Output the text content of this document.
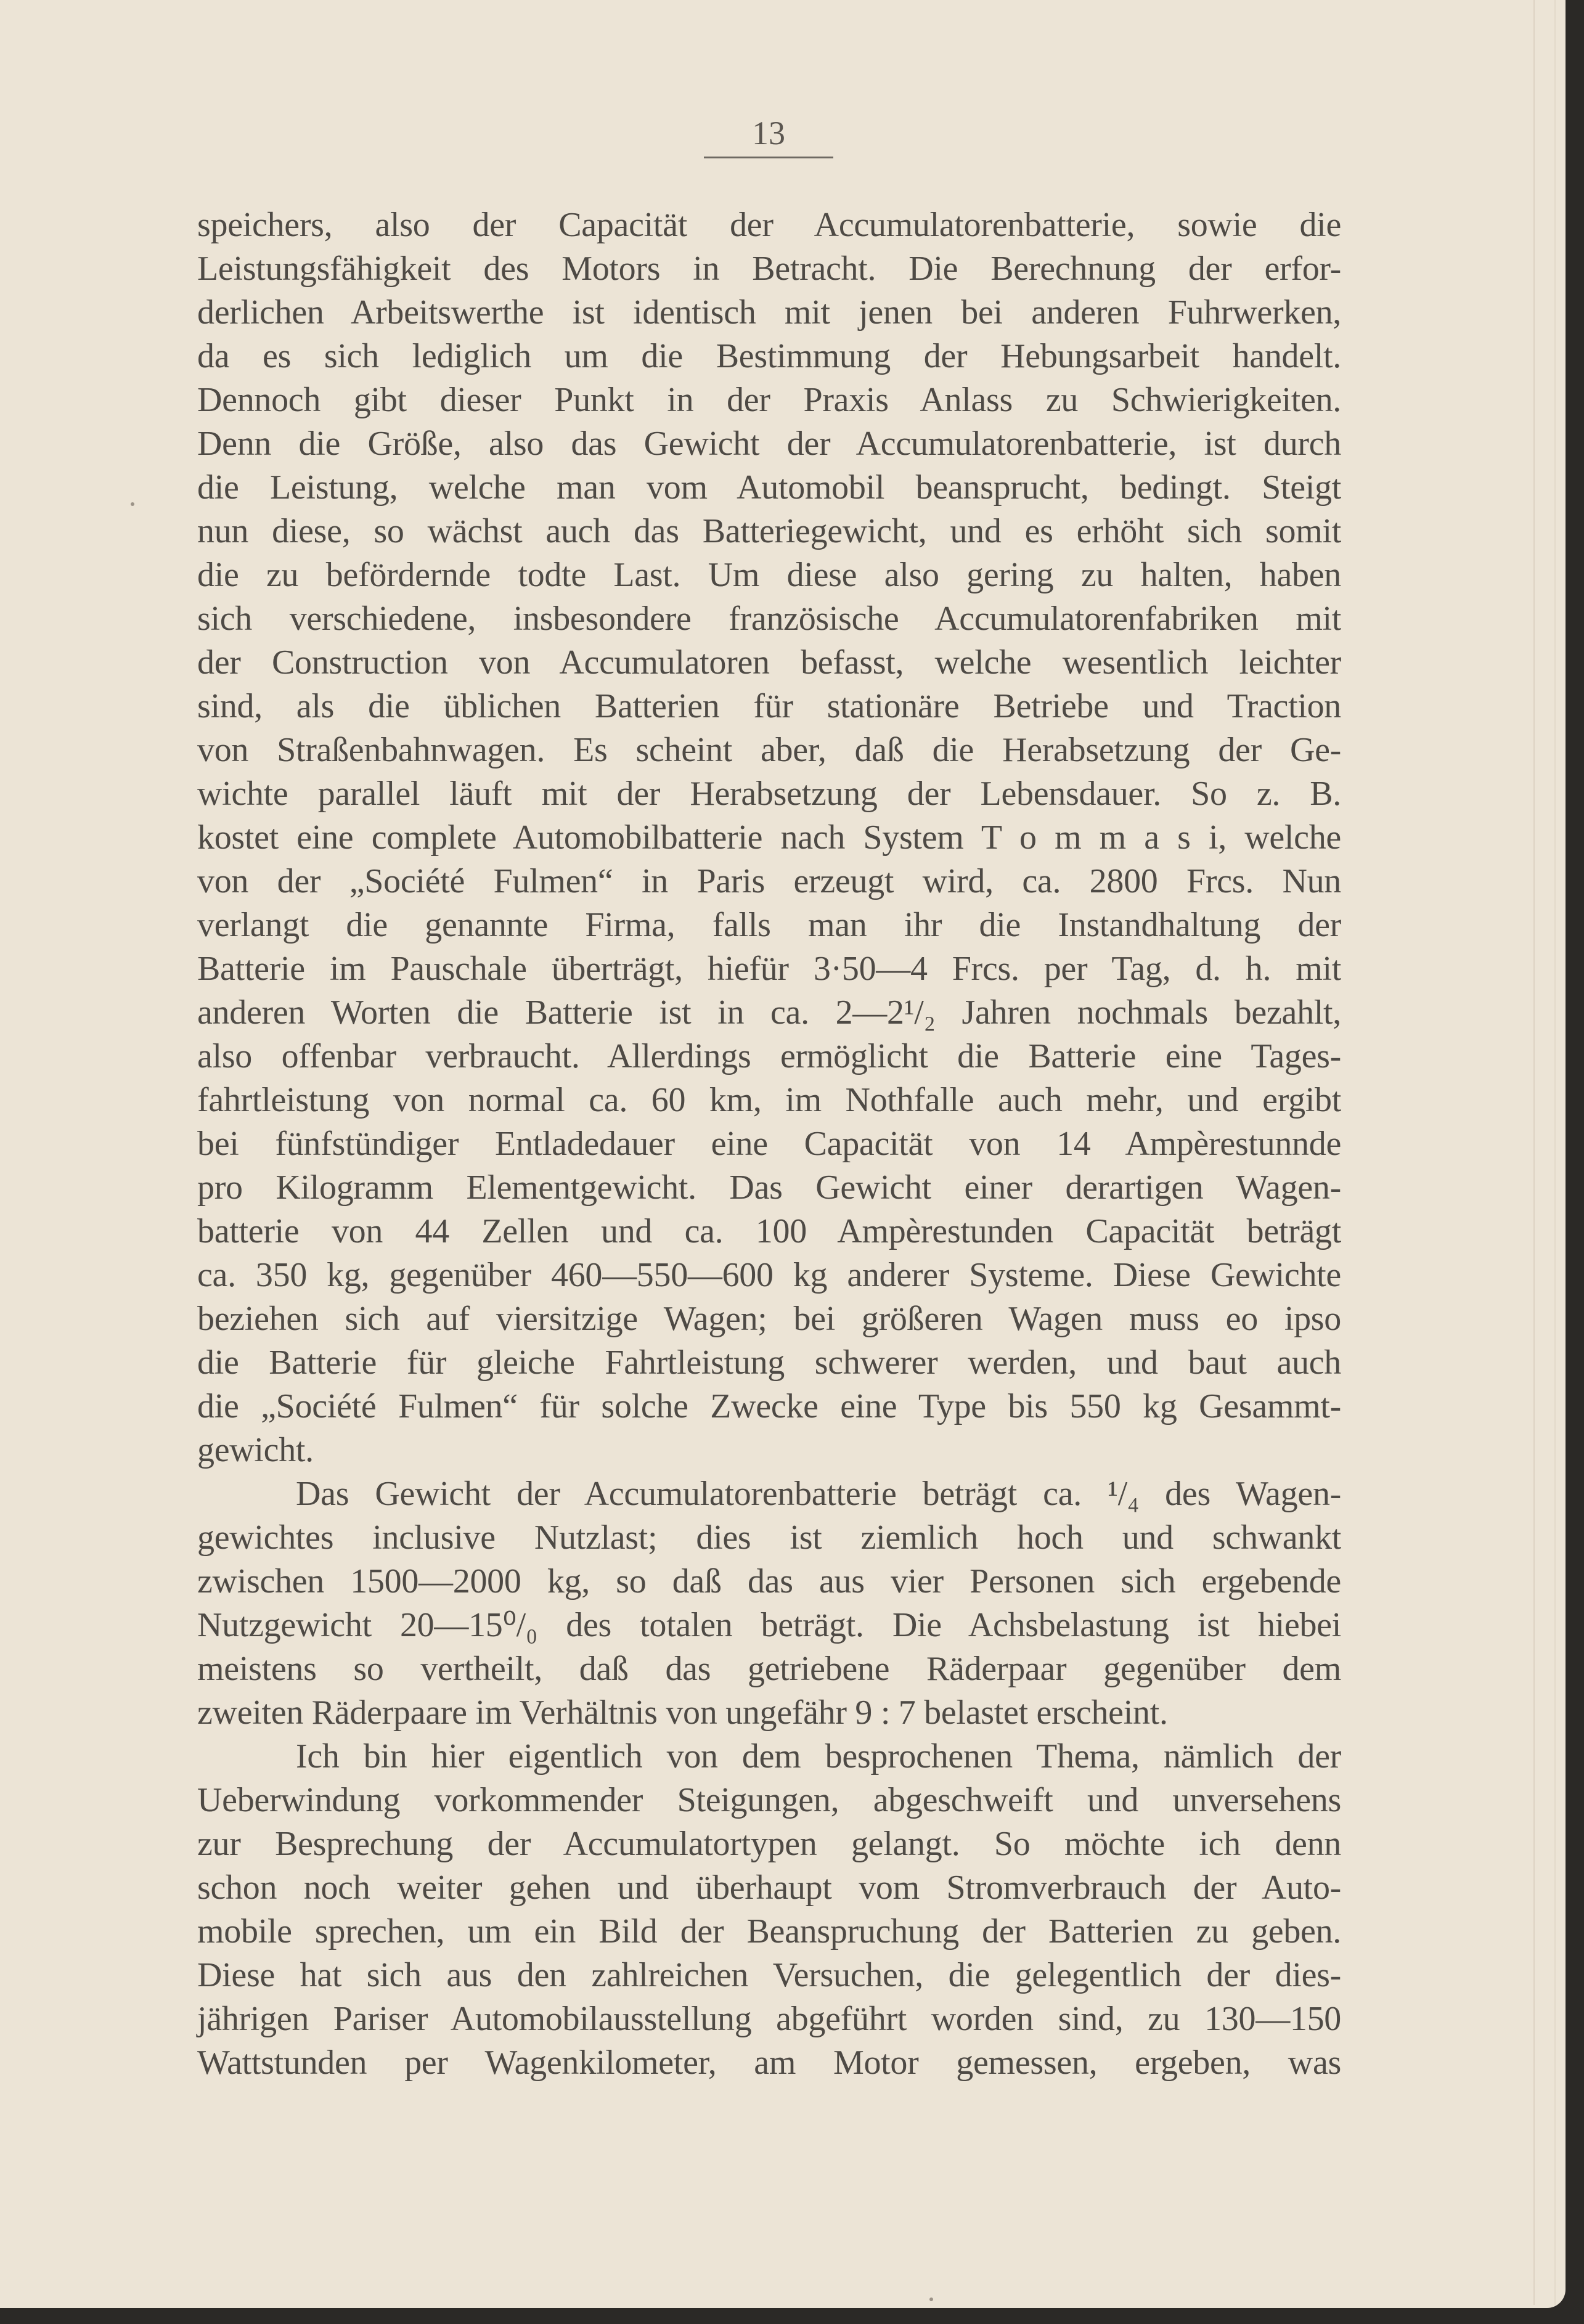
13
speichers, also der Capacität der Accumulatorenbatterie, sowie die
Leistungsfähigkeit des Motors in Betracht. Die Berechnung der erfor-
derlichen Arbeitswerthe ist identisch mit jenen bei anderen Fuhrwerken,
da es sich lediglich um die Bestimmung der Hebungsarbeit handelt.
Dennoch gibt dieser Punkt in der Praxis Anlass zu Schwierigkeiten.
Denn die Größe, also das Gewicht der Accumulatorenbatterie, ist durch
die Leistung, welche man vom Automobil beansprucht, bedingt. Steigt
nun diese, so wächst auch das Batteriegewicht, und es erhöht sich somit
die zu befördernde todte Last. Um diese also gering zu halten, haben
sich verschiedene, insbesondere französische Accumulatorenfabriken mit
der Construction von Accumulatoren befasst, welche wesentlich leichter
sind, als die üblichen Batterien für stationäre Betriebe und Traction
von Straßenbahnwagen. Es scheint aber, daß die Herabsetzung der Ge-
wichte parallel läuft mit der Herabsetzung der Lebensdauer. So z. B.
kostet eine complete Automobilbatterie nach System T o m m a s i, welche
von der „Société Fulmen“ in Paris erzeugt wird, ca. 2800 Frcs. Nun
verlangt die genannte Firma, falls man ihr die Instandhaltung der
Batterie im Pauschale überträgt, hiefür 3·50—4 Frcs. per Tag, d. h. mit
anderen Worten die Batterie ist in ca. 2—2¹/₂ Jahren nochmals bezahlt,
also offenbar verbraucht. Allerdings ermöglicht die Batterie eine Tages-
fahrtleistung von normal ca. 60 km, im Nothfalle auch mehr, und ergibt
bei fünfstündiger Entladedauer eine Capacität von 14 Ampèrestunnde
pro Kilogramm Elementgewicht. Das Gewicht einer derartigen Wagen-
batterie von 44 Zellen und ca. 100 Ampèrestunden Capacität beträgt
ca. 350 kg, gegenüber 460—550—600 kg anderer Systeme. Diese Gewichte
beziehen sich auf viersitzige Wagen; bei größeren Wagen muss eo ipso
die Batterie für gleiche Fahrtleistung schwerer werden, und baut auch
die „Société Fulmen“ für solche Zwecke eine Type bis 550 kg Gesammt-
gewicht.
Das Gewicht der Accumulatorenbatterie beträgt ca. ¹/₄ des Wagen-
gewichtes inclusive Nutzlast; dies ist ziemlich hoch und schwankt
zwischen 1500—2000 kg, so daß das aus vier Personen sich ergebende
Nutzgewicht 20—15⁰/₀ des totalen beträgt. Die Achsbelastung ist hiebei
meistens so vertheilt, daß das getriebene Räderpaar gegenüber dem
zweiten Räderpaare im Verhältnis von ungefähr 9 : 7 belastet erscheint.
Ich bin hier eigentlich von dem besprochenen Thema, nämlich der
Ueberwindung vorkommender Steigungen, abgeschweift und unversehens
zur Besprechung der Accumulatortypen gelangt. So möchte ich denn
schon noch weiter gehen und überhaupt vom Stromverbrauch der Auto-
mobile sprechen, um ein Bild der Beanspruchung der Batterien zu geben.
Diese hat sich aus den zahlreichen Versuchen, die gelegentlich der dies-
jährigen Pariser Automobilausstellung abgeführt worden sind, zu 130—150
Wattstunden per Wagenkilometer, am Motor gemessen, ergeben, was
